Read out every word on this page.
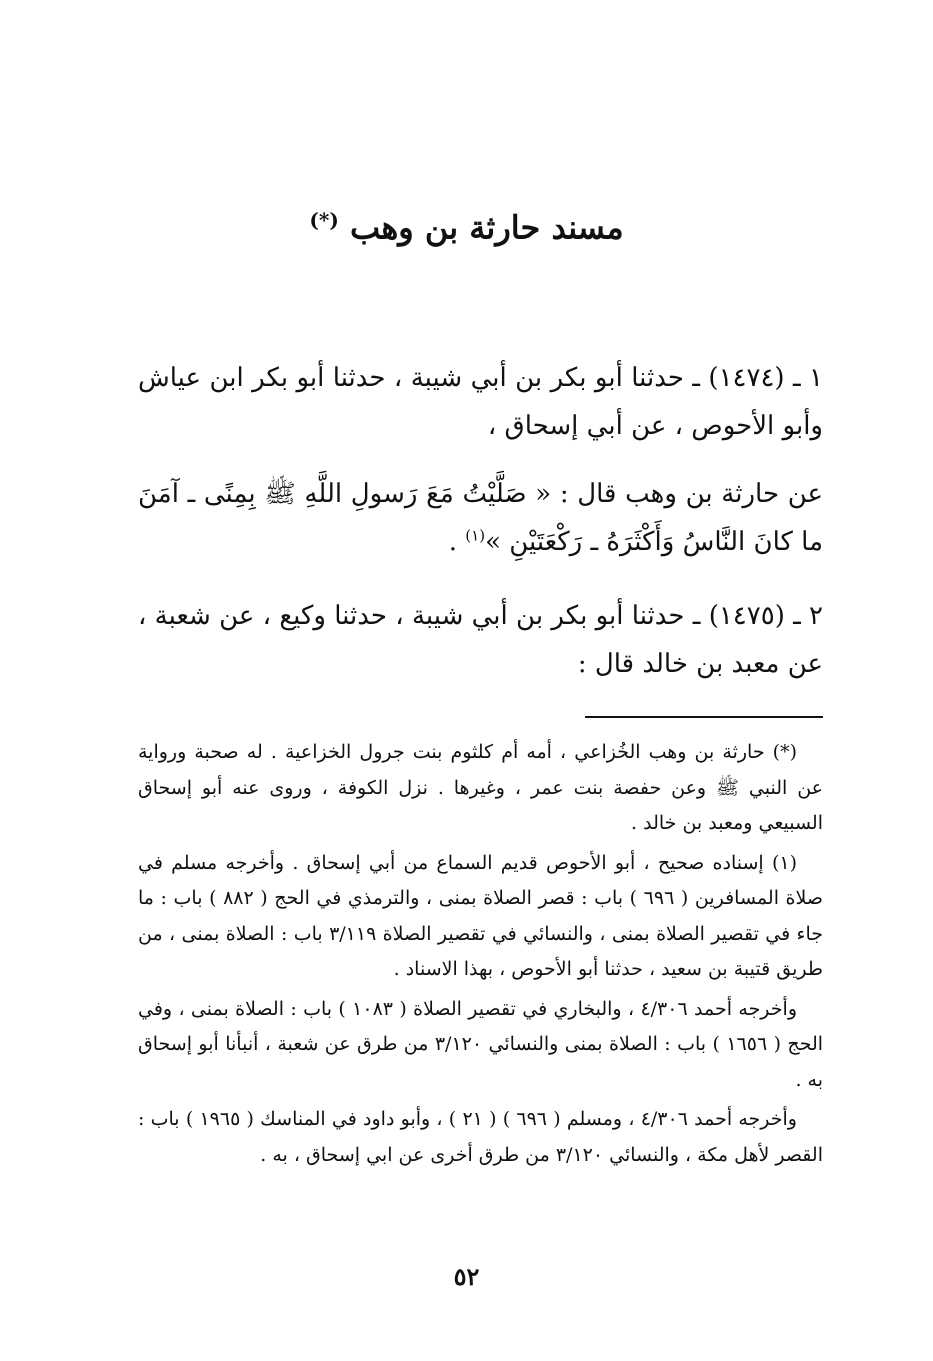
مسند حارثة بن وهب (*)

١ ـ (١٤٧٤) ـ حدثنا أبو بكر بن أبي شيبة ، حدثنا أبو بكر ابن عياش وأبو الأحوص ، عن أبي إسحاق ،

عن حارثة بن وهب قال : « صَلَّيْتُ مَعَ رَسولِ اللَّهِ ﷺ بِمِنًى ـ آمَنَ ما كانَ النَّاسُ وَأَكْثَرَهُ ـ رَكْعَتَيْنِ »$^{(١)}$ .

٢ ـ (١٤٧٥) ـ حدثنا أبو بكر بن أبي شيبة ، حدثنا وكيع ، عن شعبة ، عن معبد بن خالد قال :

(*) حارثة بن وهب الخُزاعي ، أمه أم كلثوم بنت جرول الخزاعية . له صحبة ورواية عن النبي ﷺ وعن حفصة بنت عمر ، وغيرها . نزل الكوفة ، وروى عنه أبو إسحاق السبيعي ومعبد بن خالد .

(١) إسناده صحيح ، أبو الأحوص قديم السماع من أبي إسحاق . وأخرجه مسلم في صلاة المسافرين ( ٦٩٦ ) باب : قصر الصلاة بمنى ، والترمذي في الحج ( ٨٨٢ ) باب : ما جاء في تقصير الصلاة بمنى ، والنسائي في تقصير الصلاة ٣/١١٩ باب : الصلاة بمنى ، من طريق قتيبة بن سعيد ، حدثنا أبو الأحوص ، بهذا الاسناد .

وأخرجه أحمد ٤/٣٠٦ ، والبخاري في تقصير الصلاة ( ١٠٨٣ ) باب : الصلاة بمنى ، وفي الحج ( ١٦٥٦ ) باب : الصلاة بمنى والنسائي ٣/١٢٠ من طرق عن شعبة ، أنبأنا أبو إسحاق به .

وأخرجه أحمد ٤/٣٠٦ ، ومسلم ( ٦٩٦ ) ( ٢١ ) ، وأبو داود في المناسك ( ١٩٦٥ ) باب : القصر لأهل مكة ، والنسائي ٣/١٢٠ من طرق أخرى عن ابي إسحاق ، به .

٥٢
